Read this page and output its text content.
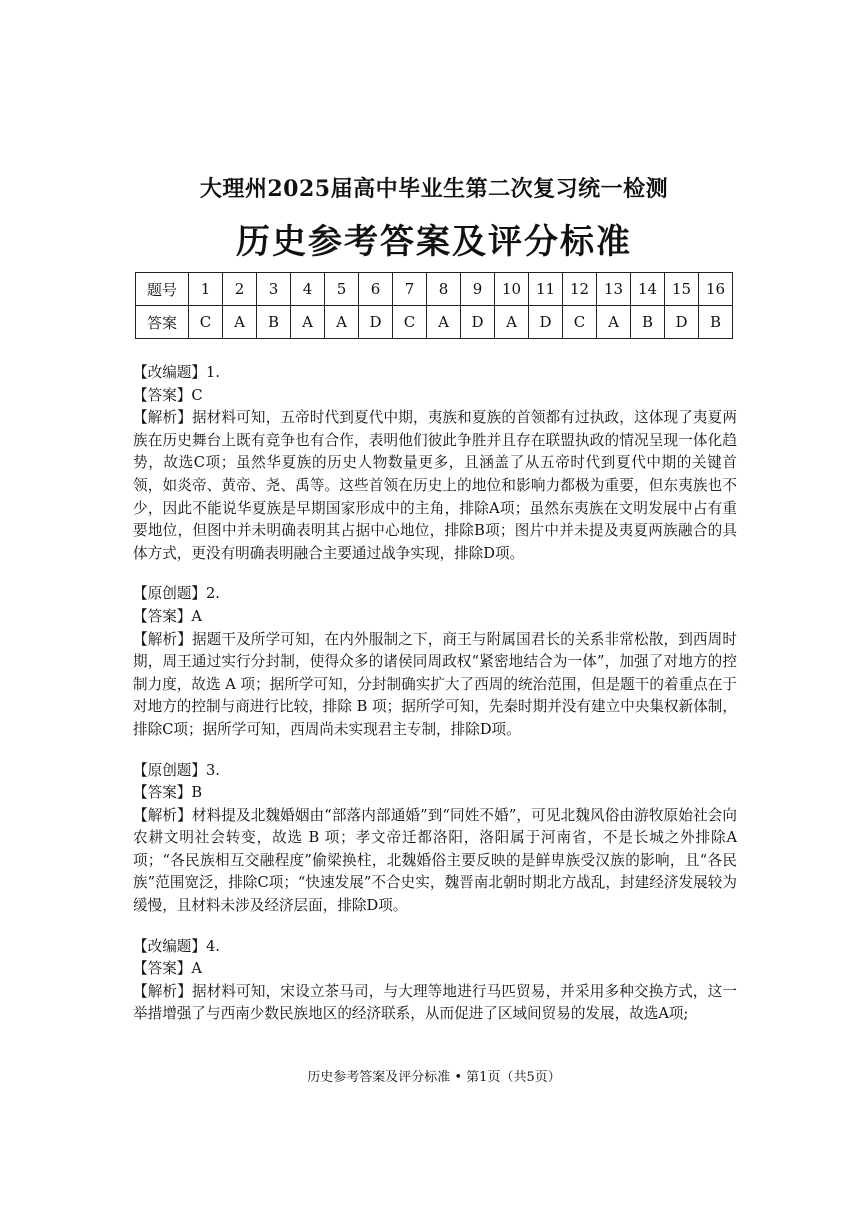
大理州2025届高中毕业生第二次复习统一检测
历史参考答案及评分标准
题号	1	2	3	4	5	6	7	8	9	10	11	12	13	14	15	16
答案	C	A	B	A	A	D	C	A	D	A	D	C	A	B	D	B

【改编题】1.

【答案】C

【解析】据材料可知，五帝时代到夏代中期，夷族和夏族的首领都有过执政，这体现了夷夏两族在历史舞台上既有竞争也有合作，表明他们彼此争胜并且存在联盟执政的情况呈现一体化趋势，故选C项；虽然华夏族的历史人物数量更多，且涵盖了从五帝时代到夏代中期的关键首领，如炎帝、黄帝、尧、禹等。这些首领在历史上的地位和影响力都极为重要，但东夷族也不少，因此不能说华夏族是早期国家形成中的主角，排除A项；虽然东夷族在文明发展中占有重要地位，但图中并未明确表明其占据中心地位，排除B项；图片中并未提及夷夏两族融合的具体方式，更没有明确表明融合主要通过战争实现，排除D项。

【原创题】2.

【答案】A

【解析】据题干及所学可知，在内外服制之下，商王与附属国君长的关系非常松散，到西周时期，周王通过实行分封制，使得众多的诸侯同周政权“紧密地结合为一体”，加强了对地方的控制力度，故选 A 项；据所学可知，分封制确实扩大了西周的统治范围，但是题干的着重点在于对地方的控制与商进行比较，排除 B 项；据所学可知，先秦时期并没有建立中央集权新体制，排除C项；据所学可知，西周尚未实现君主专制，排除D项。

【原创题】3.

【答案】B

【解析】材料提及北魏婚姻由“部落内部通婚”到“同姓不婚”，可见北魏风俗由游牧原始社会向农耕文明社会转变，故选 B 项；孝文帝迁都洛阳，洛阳属于河南省，不是长城之外排除A项；“各民族相互交融程度”偷梁换柱，北魏婚俗主要反映的是鲜卑族受汉族的影响，且“各民族”范围宽泛，排除C项；“快速发展”不合史实，魏晋南北朝时期北方战乱，封建经济发展较为缓慢，且材料未涉及经济层面，排除D项。

【改编题】4.

【答案】A

【解析】据材料可知，宋设立茶马司，与大理等地进行马匹贸易，并采用多种交换方式，这一举措增强了与西南少数民族地区的经济联系，从而促进了区域间贸易的发展，故选A项;

历史参考答案及评分标准 • 第1页（共5页）
